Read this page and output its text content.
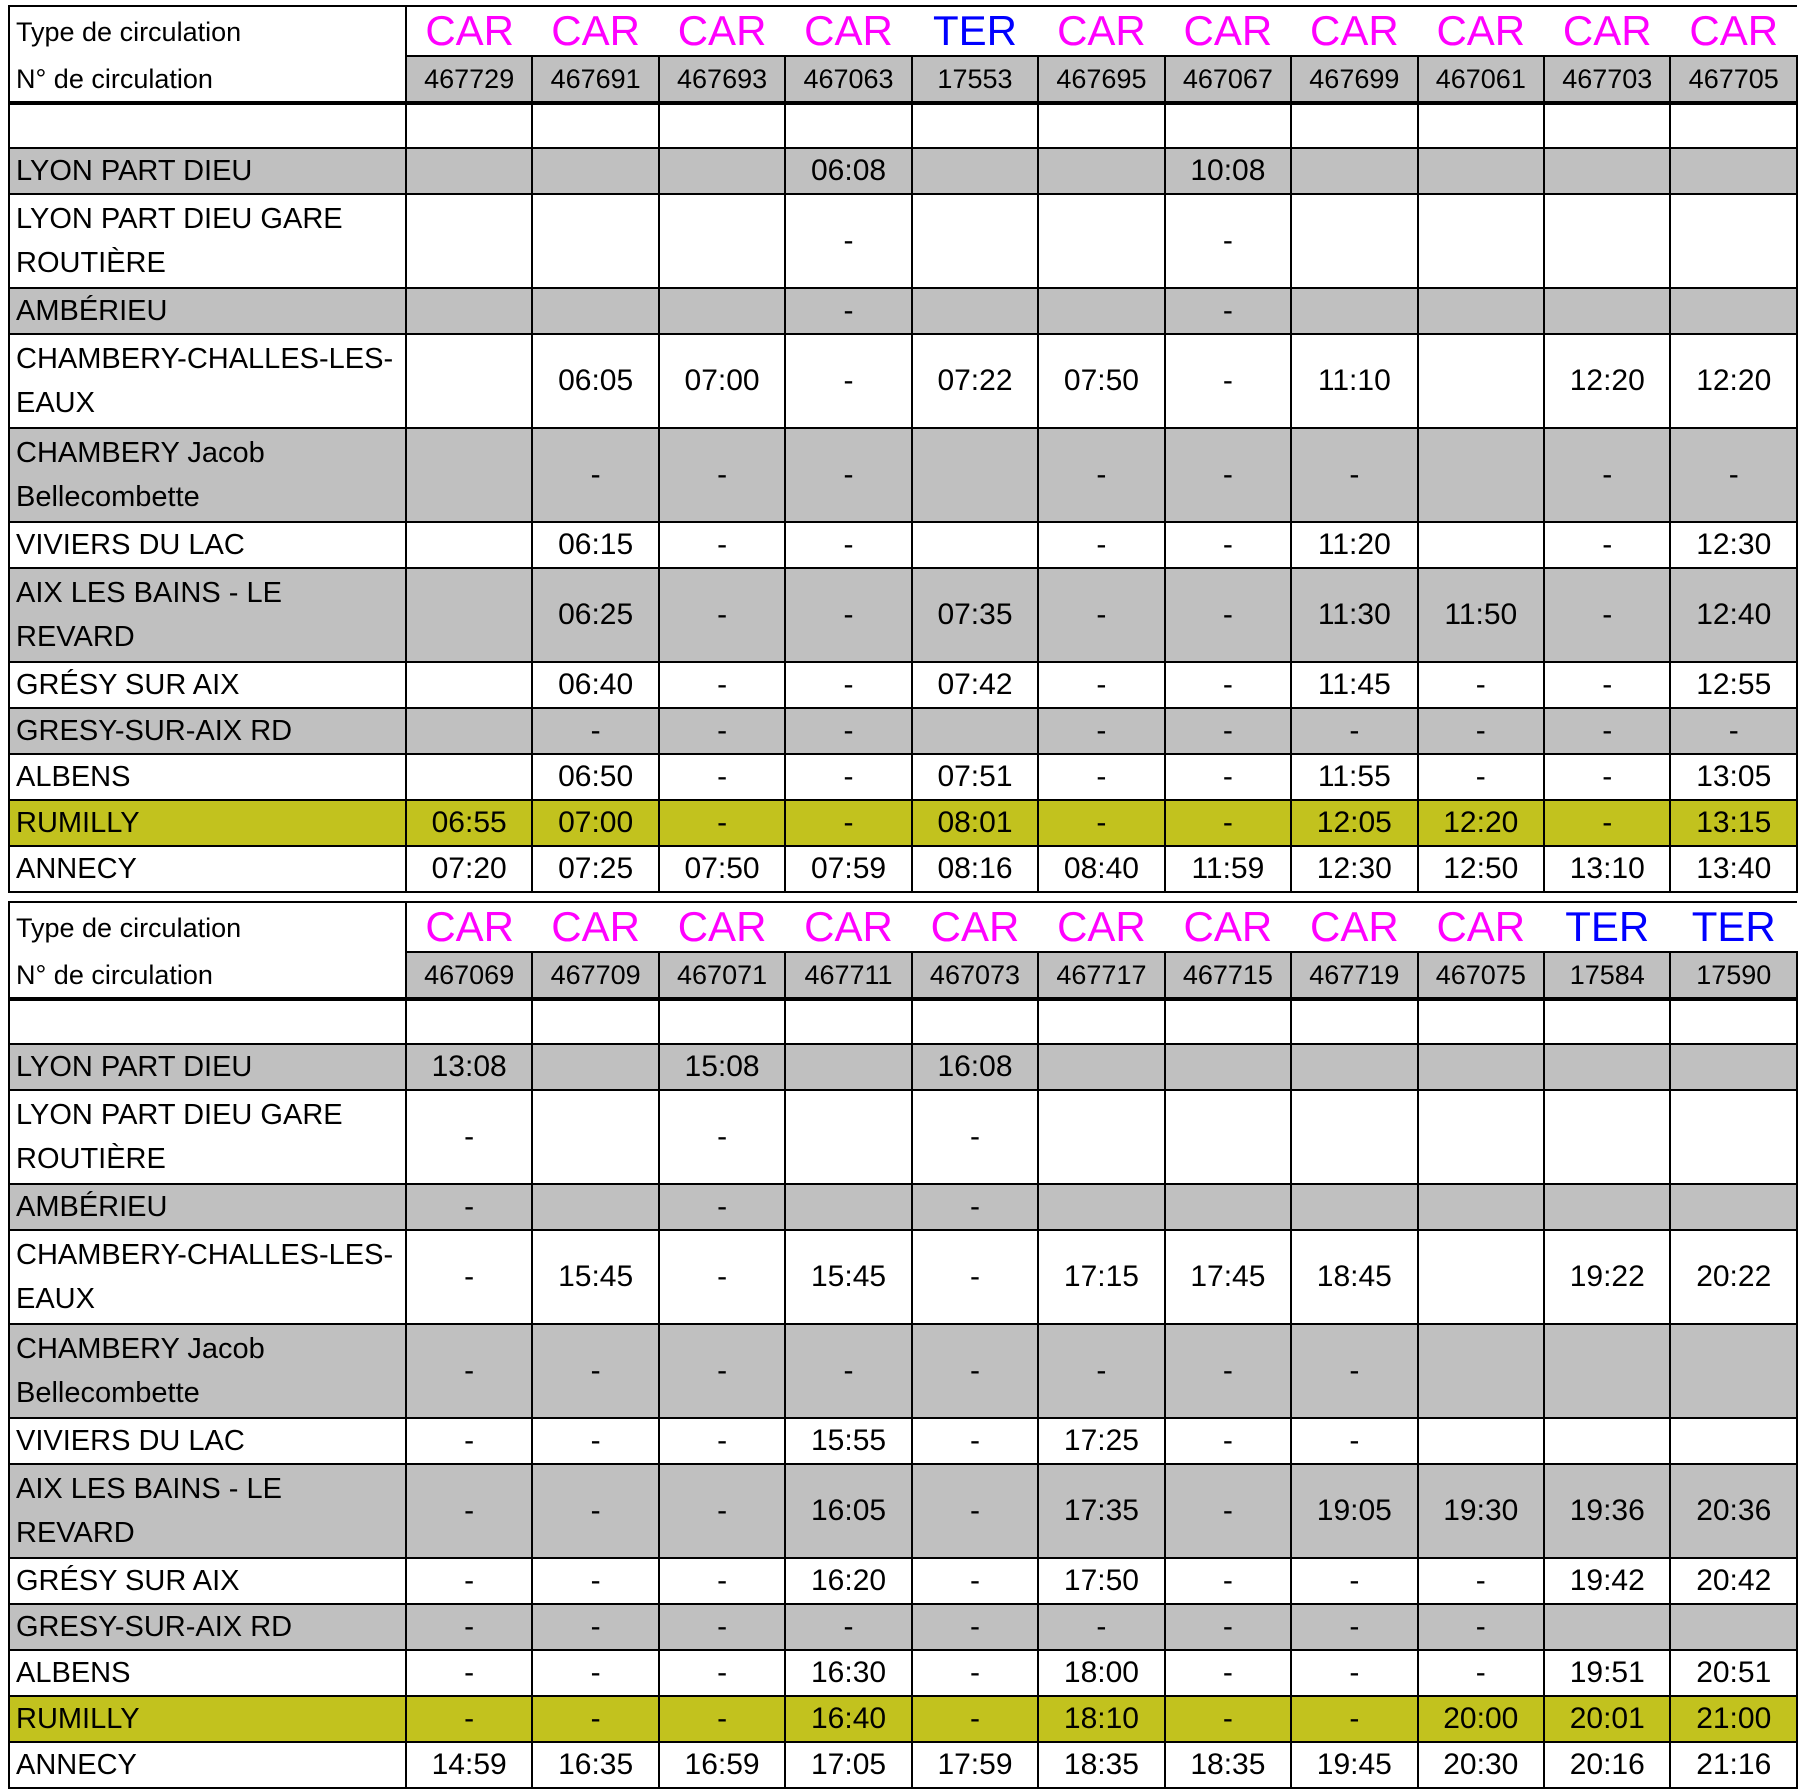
Type de circulation	CAR	CAR	CAR	CAR	TER	CAR	CAR	CAR	CAR	CAR	CAR
N° de circulation	467729	467691	467693	467063	17553	467695	467067	467699	467061	467703	467705

LYON PART DIEU				06:08			10:08				
LYON PART DIEU GARE ROUTIÈRE				-			-				
AMBÉRIEU				-			-				
CHAMBERY-CHALLES-LES-EAUX		06:05	07:00	-	07:22	07:50	-	11:10		12:20	12:20
CHAMBERY Jacob Bellecombette		-	-	-		-	-	-		-	-
VIVIERS DU LAC		06:15	-	-		-	-	11:20		-	12:30
AIX LES BAINS - LE REVARD		06:25	-	-	07:35	-	-	11:30	11:50	-	12:40
GRÉSY SUR AIX		06:40	-	-	07:42	-	-	11:45	-	-	12:55
GRESY-SUR-AIX RD		-	-	-		-	-	-	-	-	-
ALBENS		06:50	-	-	07:51	-	-	11:55	-	-	13:05
RUMILLY	06:55	07:00	-	-	08:01	-	-	12:05	12:20	-	13:15
ANNECY	07:20	07:25	07:50	07:59	08:16	08:40	11:59	12:30	12:50	13:10	13:40
Type de circulation	CAR	CAR	CAR	CAR	CAR	CAR	CAR	CAR	CAR	TER	TER
N° de circulation	467069	467709	467071	467711	467073	467717	467715	467719	467075	17584	17590

LYON PART DIEU	13:08		15:08		16:08						
LYON PART DIEU GARE ROUTIÈRE	-		-		-						
AMBÉRIEU	-		-		-						
CHAMBERY-CHALLES-LES-EAUX	-	15:45	-	15:45	-	17:15	17:45	18:45		19:22	20:22
CHAMBERY Jacob Bellecombette	-	-	-	-	-	-	-	-			
VIVIERS DU LAC	-	-	-	15:55	-	17:25	-	-			
AIX LES BAINS - LE REVARD	-	-	-	16:05	-	17:35	-	19:05	19:30	19:36	20:36
GRÉSY SUR AIX	-	-	-	16:20	-	17:50	-	-	-	19:42	20:42
GRESY-SUR-AIX RD	-	-	-	-	-	-	-	-	-		
ALBENS	-	-	-	16:30	-	18:00	-	-	-	19:51	20:51
RUMILLY	-	-	-	16:40	-	18:10	-	-	20:00	20:01	21:00
ANNECY	14:59	16:35	16:59	17:05	17:59	18:35	18:35	19:45	20:30	20:16	21:16
